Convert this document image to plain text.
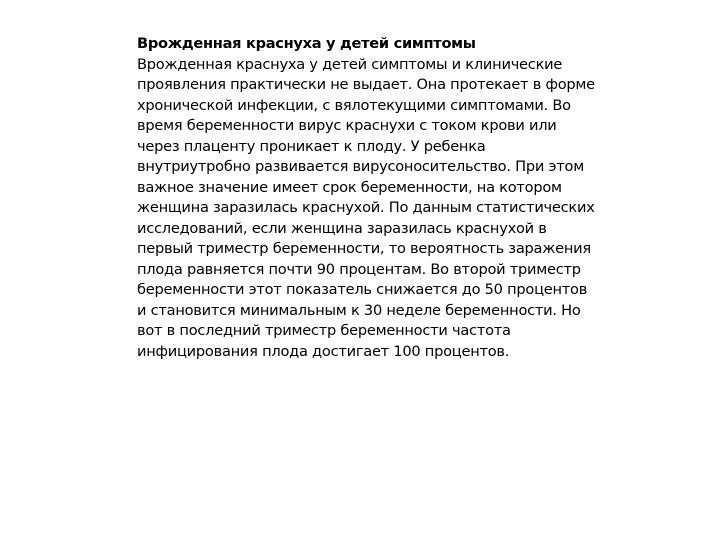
Врожденная краснуха у детей симптомы
Врожденная краснуха у детей симптомы и клинические
проявления практически не выдает. Она протекает в форме
хронической инфекции, с вялотекущими симптомами. Во
время беременности вирус краснухи с током крови или
через плаценту проникает к плоду. У ребенка
внутриутробно развивается вирусоносительство. При этом
важное значение имеет срок беременности, на котором
женщина заразилась краснухой. По данным статистических
исследований, если женщина заразилась краснухой в
первый триместр беременности, то вероятность заражения
плода равняется почти 90 процентам. Во второй триместр
беременности этот показатель снижается до 50 процентов
и становится минимальным к 30 неделе беременности. Но
вот в последний триместр беременности частота
инфицирования плода достигает 100 процентов.
